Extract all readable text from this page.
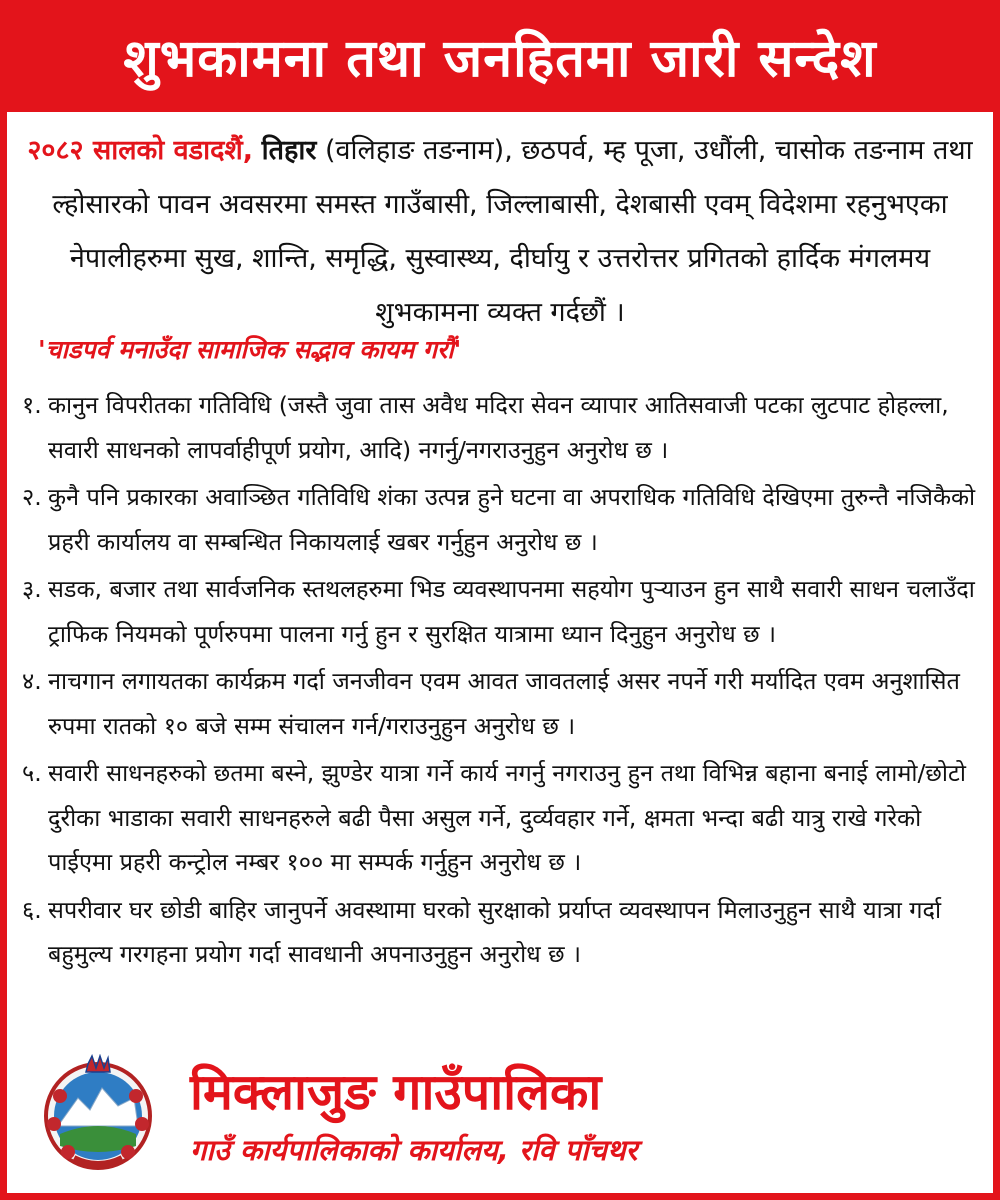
शुभकामना तथा जनहितमा जारी सन्देश
२०८२ सालको वडादशैं, तिहार (वलिहाङ तङनाम), छठपर्व, म्ह पूजा, उधौंली, चासोक तङनाम तथा ल्होसारको पावन अवसरमा समस्त गाउँबासी, जिल्लाबासी, देशबासी एवम् विदेशमा रहनुभएका नेपालीहरुमा सुख, शान्ति, समृद्धि, सुस्वास्थ्य, दीर्घायु र उत्तरोत्तर प्रगितको हार्दिक मंगलमय शुभकामना व्यक्त गर्दछौं ।
'चाडपर्व मनाउँदा सामाजिक सद्भाव कायम गरौं'
१. कानुन विपरीतका गतिविधि (जस्तै जुवा तास अवैध मदिरा सेवन व्यापार आतिसवाजी पटका लुटपाट होहल्ला, सवारी साधनको लापर्वाहीपूर्ण प्रयोग, आदि) नगर्नु/नगराउनुहुन अनुरोध छ ।
२. कुनै पनि प्रकारका अवाञ्छित गतिविधि शंका उत्पन्न हुने घटना वा अपराधिक गतिविधि देखिएमा तुरुन्तै नजिकैको प्रहरी कार्यालय वा सम्बन्धित निकायलाई खबर गर्नुहुन अनुरोध छ ।
३. सडक, बजार तथा सार्वजनिक स्तथलहरुमा भिड व्यवस्थापनमा सहयोग पुऱ्याउन हुन साथै सवारी साधन चलाउँदा ट्राफिक नियमको पूर्णरुपमा पालना गर्नु हुन र सुरक्षित यात्रामा ध्यान दिनुहुन अनुरोध छ ।
४. नाचगान लगायतका कार्यक्रम गर्दा जनजीवन एवम आवत जावतलाई असर नपर्ने गरी मर्यादित एवम अनुशासित रुपमा रातको १० बजे सम्म संचालन गर्न/गराउनुहुन अनुरोध छ ।
५. सवारी साधनहरुको छतमा बस्ने, झुण्डेर यात्रा गर्ने कार्य नगर्नु नगराउनु हुन तथा विभिन्न बहाना बनाई लामो/छोटो दुरीका भाडाका सवारी साधनहरुले बढी पैसा असुल गर्ने, दुर्व्यवहार गर्ने, क्षमता भन्दा बढी यात्रु राखे गरेको पाईएमा प्रहरी कन्ट्रोल नम्बर १०० मा सम्पर्क गर्नुहुन अनुरोध छ ।
६. सपरीवार घर छोडी बाहिर जानुपर्ने अवस्थामा घरको सुरक्षाको प्रर्याप्त व्यवस्थापन मिलाउनुहुन साथै यात्रा गर्दा बहुमुल्य गरगहना प्रयोग गर्दा सावधानी अपनाउनुहुन अनुरोध छ ।
मिक्लाजुङ गाउँपालिका
गाउँ कार्यपालिकाको कार्यालय, रवि पाँचथर
